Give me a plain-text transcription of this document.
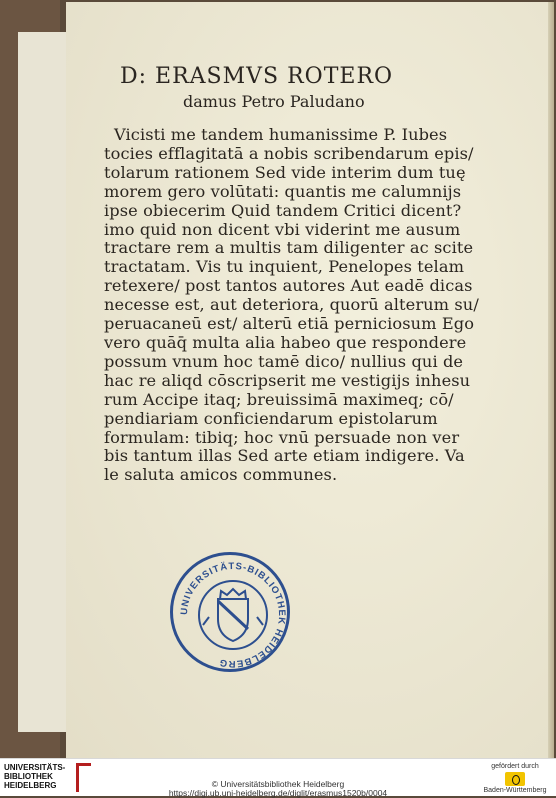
D: ERASMVS ROTERO
damus Petro Paludano
Vicisti me tandem humanissime P. Iubes
tocies efflagitatā a nobis scribendarum epis/
tolarum rationem Sed vide interim dum tuę
morem gero volūtati: quantis me calumnijs
ipse obiecerim Quid tandem Critici dicent?
imo quid non dicent vbi viderint me ausum
tractare rem a multis tam diligenter ac scite
tractatam. Vis tu inquient, Penelopes telam
retexere/ post tantos autores Aut eadē dicas
necesse est, aut deteriora, quorū alterum su/
peruacaneū est/ alterū etiā perniciosum Ego
vero quāq̄ multa alia habeo que respondere
possum vnum hoc tamē dico/ nullius qui de
hac re aliqd cōscripserit me vestigijs inhesu
rum Accipe itaq; breuissimā maximeq; cō/
pendiariam conficiendarum epistolarum
formulam: tibiq; hoc vnū persuade non ver
bis tantum illas Sed arte etiam indigere. Va
le saluta amicos communes.
UNIVERSITÄTS-BIBLIOTHEK HEIDELBERG
UNIVERSITÄTS- BIBLIOTHEK HEIDELBERG	© Universitätsbibliothek Heidelberg
https://digi.ub.uni-heidelberg.de/diglit/erasmus1520b/0004
gefördert durch
Baden-Württemberg
